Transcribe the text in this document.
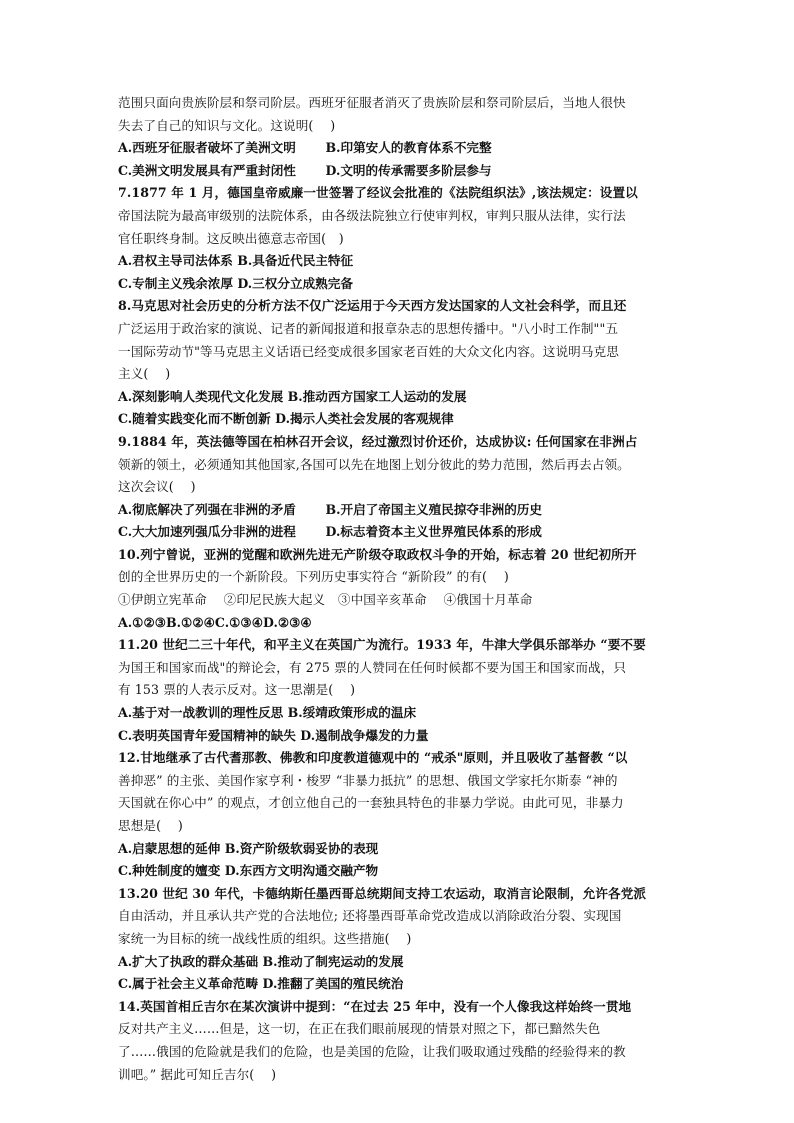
范围只面向贵族阶层和祭司阶层。西班牙征服者消灭了贵族阶层和祭司阶层后，当地人很快
失去了自己的知识与文化。这说明(　 )
A.西班牙征服者破坏了美洲文明　　 B.印第安人的教育体系不完整
C.美洲文明发展具有严重封闭性　　 D.文明的传承需要多阶层参与
7.1877 年 1 月，德国皇帝威廉一世签署了经议会批准的《法院组织法》,该法规定：设置以
帝国法院为最高审级别的法院体系，由各级法院独立行使审判权，审判只服从法律，实行法
官任职终身制。这反映出德意志帝国(　)
A.君权主导司法体系 B.具备近代民主特征
C.专制主义残余浓厚 D.三权分立成熟完备
8.马克思对社会历史的分析方法不仅广泛运用于今天西方发达国家的人文社会科学，而且还
广泛运用于政治家的演说、记者的新闻报道和报章杂志的思想传播中。"八小时工作制""五
一国际劳动节"等马克思主义话语已经变成很多国家老百姓的大众文化内容。这说明马克思
主义(　 )
A.深刻影响人类现代文化发展 B.推动西方国家工人运动的发展
C.随着实践变化而不断创新 D.揭示人类社会发展的客观规律
9.1884 年，英法德等国在柏林召开会议，经过激烈讨价还价，达成协议: 任何国家在非洲占
领新的领土，必须通知其他国家,各国可以先在地图上划分彼此的势力范围，然后再去占领。
这次会议(　 )
A.彻底解决了列强在非洲的矛盾　　 B.开启了帝国主义殖民掠夺非洲的历史
C.大大加速列强瓜分非洲的进程　　 D.标志着资本主义世界殖民体系的形成
10.列宁曾说，亚洲的觉醒和欧洲先进无产阶级夺取政权斗争的开始，标志着 20 世纪初所开
创的全世界历史的一个新阶段。下列历史事实符合 “新阶段” 的有(　 )
①伊朗立宪革命　 ②印尼民族大起义　③中国辛亥革命　 ④俄国十月革命
A.①②③B.①②④C.①③④D.②③④
11.20 世纪二三十年代，和平主义在英国广为流行。1933 年，牛津大学俱乐部举办 “要不要
为国王和国家而战"的辩论会，有 275 票的人赞同在任何时候都不要为国王和国家而战，只
有 153 票的人表示反对。这一思潮是(　 )
A.基于对一战教训的理性反思 B.绥靖政策形成的温床
C.表明英国青年爱国精神的缺失 D.遏制战争爆发的力量
12.甘地继承了古代耆那教、佛教和印度教道德观中的 “戒杀"原则，并且吸收了基督教 “以
善抑恶” 的主张、美国作家亨利・梭罗 “非暴力抵抗” 的思想、俄国文学家托尔斯泰 “神的
天国就在你心中” 的观点，才创立他自己的一套独具特色的非暴力学说。由此可见，非暴力
思想是(　 )
A.启蒙思想的延伸 B.资产阶级软弱妥协的表现
C.种姓制度的嬗变 D.东西方文明沟通交融产物
13.20 世纪 30 年代，卡德纳斯任墨西哥总统期间支持工农运动，取消言论限制，允许各党派
自由活动，并且承认共产党的合法地位; 还将墨西哥革命党改造成以消除政治分裂、实现国
家统一为目标的统一战线性质的组织。这些措施(　 )
A.扩大了执政的群众基础 B.推动了制宪运动的发展
C.属于社会主义革命范畴 D.推翻了美国的殖民统治
14.英国首相丘吉尔在某次演讲中提到：“在过去 25 年中，没有一个人像我这样始终一贯地
反对共产主义……但是，这一切，在正在我们眼前展现的情景对照之下，都已黯然失色
了……俄国的危险就是我们的危险，也是美国的危险，让我们吸取通过残酷的经验得来的教
训吧。” 据此可知丘吉尔(　 )
